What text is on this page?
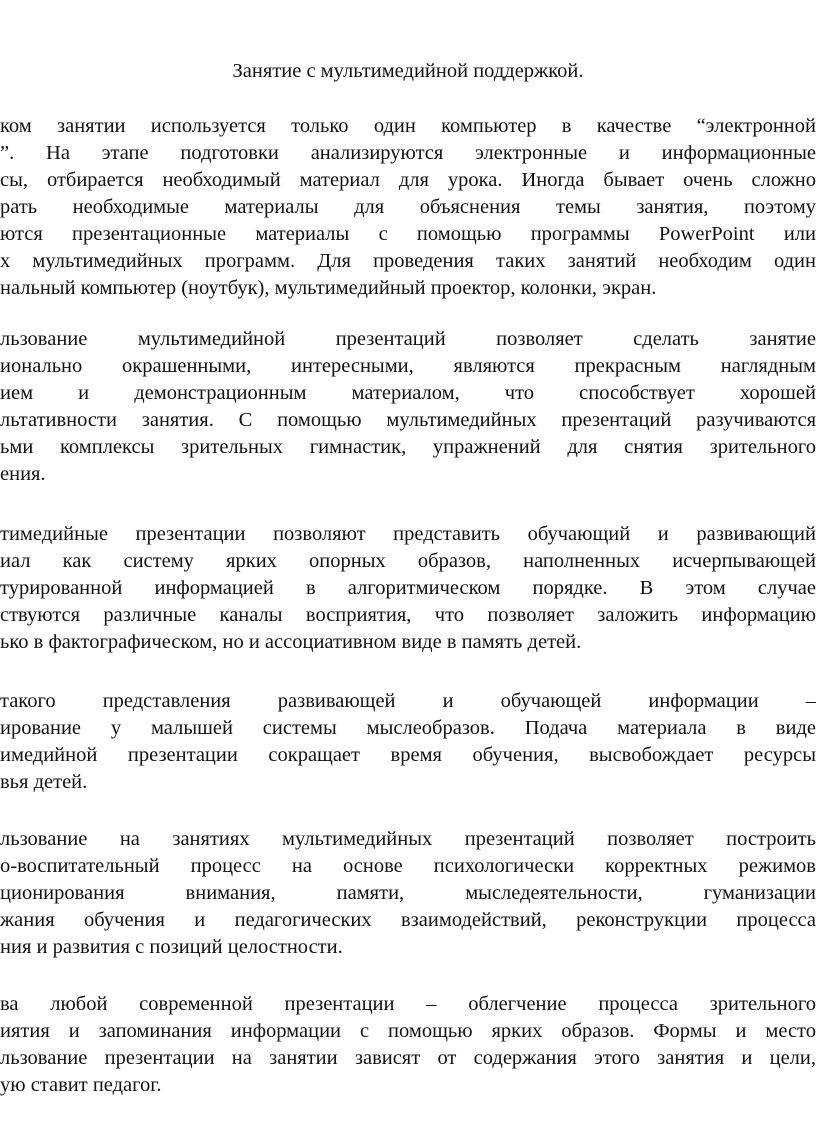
Занятие с мультимедийной поддержкой.
ком занятии используется только один компьютер в качестве “электронной
”. На этапе подготовки анализируются электронные и информационные
сы, отбирается необходимый материал для урока. Иногда бывает очень сложно
рать необходимые материалы для объяснения темы занятия, поэтому
ются презентационные материалы с помощью программы PowerPoint или
х мультимедийных программ. Для проведения таких занятий необходим один
нальный компьютер (ноутбук), мультимедийный проектор, колонки, экран.
льзование мультимедийной презентаций позволяет сделать занятие
ионально окрашенными, интересными, являются прекрасным наглядным
ием и демонстрационным материалом, что способствует хорошей
льтативности занятия. С помощью мультимедийных презентаций разучиваются
ьми комплексы зрительных гимнастик, упражнений для снятия зрительного
ения.
тимедийные презентации позволяют представить обучающий и развивающий
иал как систему ярких опорных образов, наполненных исчерпывающей
турированной информацией в алгоритмическом порядке. В этом случае
ствуются различные каналы восприятия, что позволяет заложить информацию
ько в фактографическом, но и ассоциативном виде в память детей.
такого представления развивающей и обучающей информации –
ирование у малышей системы мыслеобразов. Подача материала в виде
имедийной презентации сокращает время обучения, высвобождает ресурсы
вья детей.
льзование на занятиях мультимедийных презентаций позволяет построить
о-воспитательный процесс на основе психологически корректных режимов
ционирования внимания, памяти, мыследеятельности, гуманизации
жания обучения и педагогических взаимодействий, реконструкции процесса
ния и развития с позиций целостности.
ва любой современной презентации – облегчение процесса зрительного
иятия и запоминания информации с помощью ярких образов. Формы и место
льзование презентации на занятии зависят от содержания этого занятия и цели,
ую ставит педагог.
